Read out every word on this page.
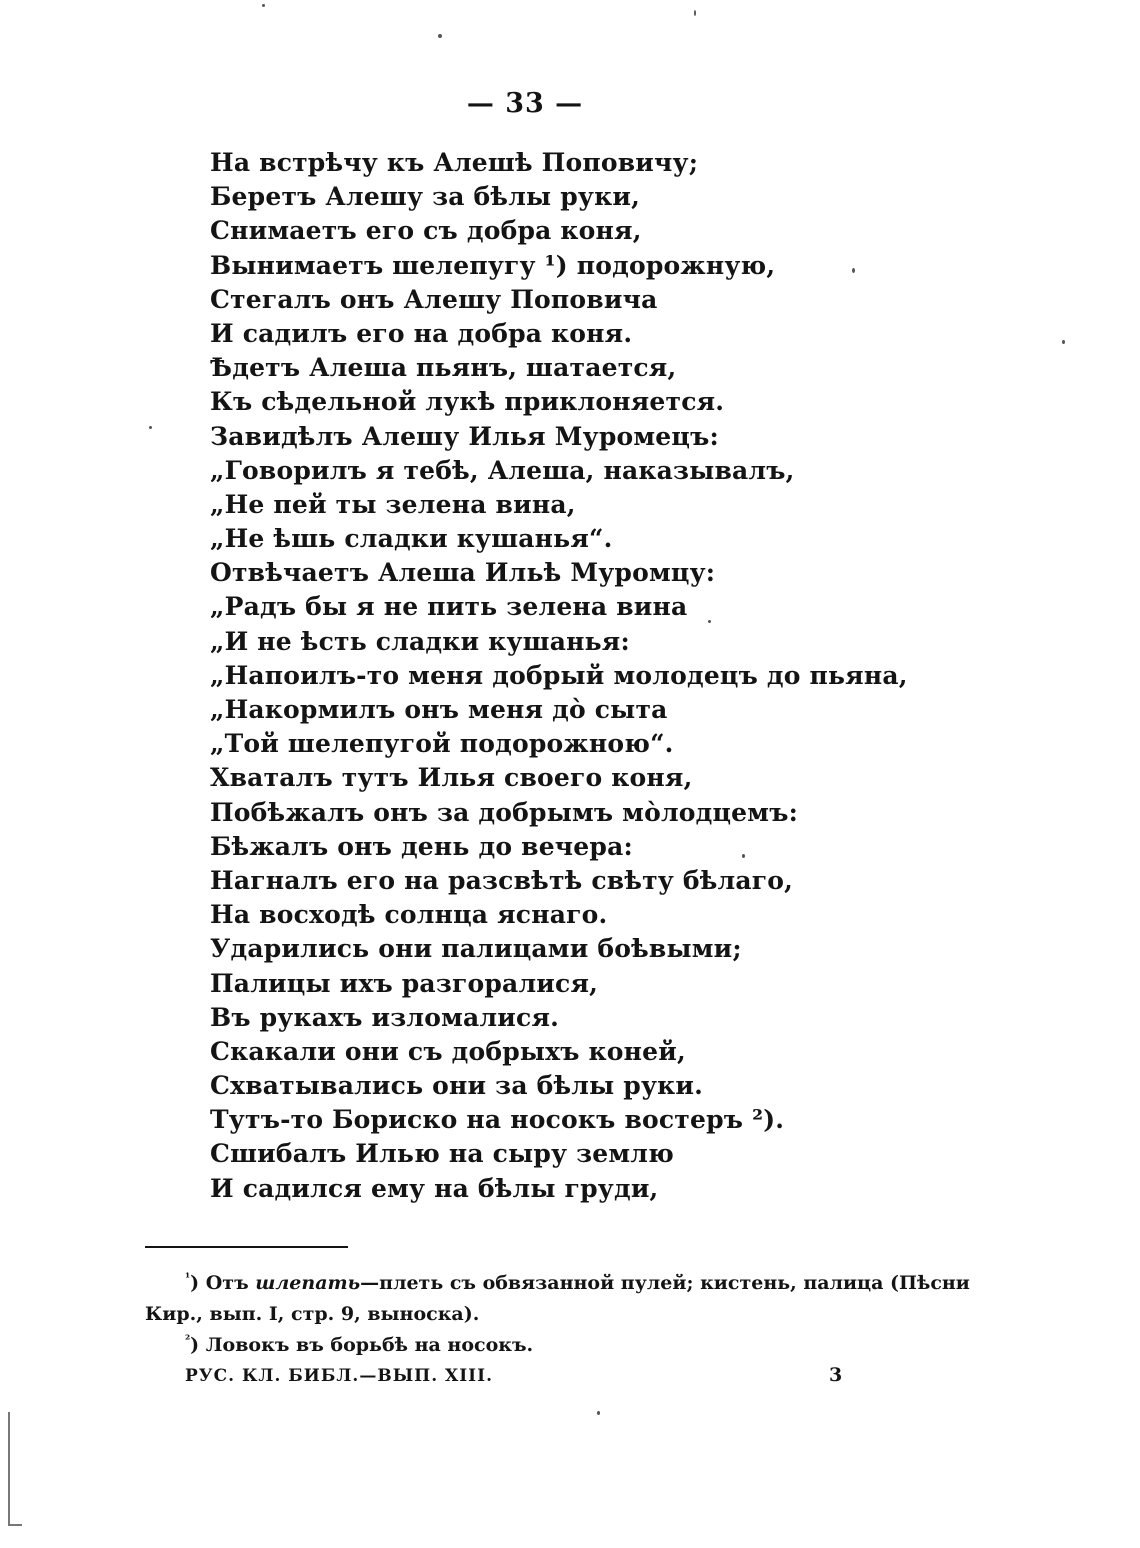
— 33 —
На встрѣчу къ Алешѣ Поповичу;
Беретъ Алешу за бѣлы руки,
Снимаетъ его съ добра коня,
Вынимаетъ шелепугу ¹) подорожную,
Стегалъ онъ Алешу Поповича
И садилъ его на добра коня.
Ѣдетъ Алеша пьянъ, шатается,
Къ сѣдельной лукѣ приклоняется.
Завидѣлъ Алешу Илья Муромецъ:
„Говорилъ я тебѣ, Алеша, наказывалъ,
„Не пей ты зелена вина,
„Не ѣшь сладки кушанья“.
Отвѣчаетъ Алеша Ильѣ Муромцу:
„Радъ бы я не пить зелена вина
„И не ѣсть сладки кушанья:
„Напоилъ-то меня добрый молодецъ до пьяна,
„Накормилъ онъ меня дò сыта
„Той шелепугой подорожною“.
Хваталъ тутъ Илья своего коня,
Побѣжалъ онъ за добрымъ мòлодцемъ:
Бѣжалъ онъ день до вечера:
Нагналъ его на разсвѣтѣ свѣту бѣлаго,
На восходѣ солнца яснаго.
Ударились они палицами боѣвыми;
Палицы ихъ разгоралися,
Въ рукахъ изломалися.
Скакали они съ добрыхъ коней,
Схватывались они за бѣлы руки.
Тутъ-то Бориско на носокъ востеръ ²).
Сшибалъ Илью на сыру землю
И садился ему на бѣлы груди,

$^{^1}$) Отъ шлепать—плеть съ обвязанной пулей; кистень, палица (Пѣсни

Кир., вып. I, стр. 9, выноска).

$^{^2}$) Ловокъ въ борьбѣ на носокъ.

РУС. КЛ. БИБЛ.—ВЫП. XIII.	3
